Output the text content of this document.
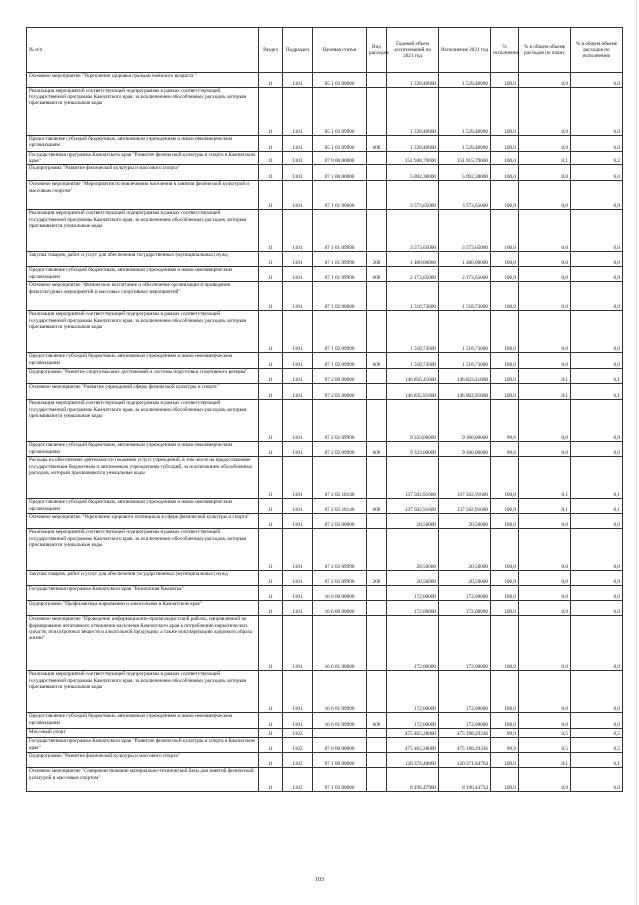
№ п/п	Раздел	Подраздел	Целевая статья	Вид расходов	Годовой объем ассигнований на 2021 год	Исполнение 2021 год	% исполнения	% в общем объеме расходов по плану	% в общем объеме расходов по исполнению
Основное мероприятие "Укрепление здоровья граждан пожилого возраста "	11	1101	05 1 03 00000		1 539,40000	1 539,40000	100,0	0,0	0,0
Реализация мероприятий соответствующей подпрограммы в рамках соответствующей государственной программы Камчатского края, за исключением обособленных расходов, которым присваиваются уникальные коды	11	1101	05 1 03 09990		1 539,40000	1 539,40000	100,0	0,0	0,0
Предоставление субсидий бюджетным, автономным учреждениям и иным некоммерческим организациям	11	1101	05 1 03 09990	600	1 539,40000	1 539,40000	100,0	0,0	0,0
Государственная программа Камчатского края "Развитие физической культуры и спорта в Камчатском крае"	11	1101	07 0 00 00000		151 948,79600	151 915,79600	100,0	0,1	0,2
Подпрограмма "Развитие физической культуры и массового спорта"	11	1101	07 1 00 00000		5 092,38000	5 092,38000	100,0	0,0	0,0
Основное мероприятие "Мероприятия по вовлечению населения в занятия физической культурой и массовым спортом"	11	1101	07 1 01 00000		3 573,65000	3 573,65000	100,0	0,0	0,0
Реализация мероприятий соответствующей подпрограммы в рамках соответствующей государственной программы Камчатского края, за исключением обособленных расходов, которым присваиваются уникальные коды	11	1101	07 1 01 09990		3 573,65000	3 573,65000	100,0	0,0	0,0
Закупка товаров, работ и услуг для обеспечения государственных (муниципальных) нужд	11	1101	07 1 01 09990	200	1 400,00000	1 400,00000	100,0	0,0	0,0
Предоставление субсидий бюджетным, автономным учреждениям и иным некоммерческим организациям	11	1101	07 1 01 09990	600	2 173,65000	2 173,65000	100,0	0,0	0,0
Основное мероприятие "Физическое воспитание и обеспечение организации и проведения физкультурных мероприятий и массовых спортивных мероприятий"	11	1101	07 1 02 00000		1 518,73000	1 518,73000	100,0	0,0	0,0
Реализация мероприятий соответствующей подпрограммы в рамках соответствующей государственной программы Камчатского края, за исключением обособленных расходов, которым присваиваются уникальные коды	11	1101	07 1 02 09990		1 518,73000	1 518,73000	100,0	0,0	0,0
Предоставление субсидий бюджетным, автономным учреждениям и иным некоммерческим организациям	11	1101	07 1 02 09990	600	1 518,73000	1 518,73000	100,0	0,0	0,0
Подпрограмма "Развитие спорта высших достижений и системы подготовки спортивного резерва"	11	1101	07 2 00 00000		146 856,41600	146 823,41600	100,0	0,1	0,1
Основное мероприятие "Развитие учреждений сферы физической культуры и спорта"	11	1101	07 2 02 00000		146 835,91600	146 802,91600	100,0	0,1	0,1
Реализация мероприятий соответствующей подпрограммы в рамках соответствующей государственной программы Камчатского края, за исключением обособленных расходов, которым присваиваются уникальные коды	11	1101	07 2 02 09990		9 333,00000	9 300,00000	99,6	0,0	0,0
Предоставление субсидий бюджетным, автономным учреждениям и иным некоммерческим организациям	11	1101	07 2 02 09990	600	9 333,00000	9 300,00000	99,6	0,0	0,0
Расходы на обеспечение деятельности (оказание услуг) учреждений, в том числе на предоставление государственным бюджетным и автономным учреждениям субсидий, за исключением обособленных расходов, которым присваиваются уникальные коды	11	1101	07 2 02 10140		137 502,91600	137 502,91600	100,0	0,1	0,1
Предоставление субсидий бюджетным, автономным учреждениям и иным некоммерческим организациям	11	1101	07 2 02 10140	600	137 502,91600	137 502,91600	100,0	0,1	0,1
Основное мероприятие "Укрепление здорового потенциала в сфере физической культуры и спорта"	11	1101	07 2 03 00000		20,50000	20,50000	100,0	0,0	0,0
Реализация мероприятий соответствующей подпрограммы в рамках соответствующей государственной программы Камчатского края, за исключением обособленных расходов, которым присваиваются уникальные коды	11	1101	07 2 03 09990		20,50000	20,50000	100,0	0,0	0,0
Закупка товаров, работ и услуг для обеспечения государственных (муниципальных) нужд	11	1101	07 2 03 09990	200	20,50000	20,50000	100,0	0,0	0,0
Государственная программа Камчатского края "Безопасная Камчатка"	11	1101	16 0 00 00000		172,00000	172,00000	100,0	0,0	0,0
Подпрограмма "Профилактика наркомании и алкоголизма в Камчатском крае"	11	1101	16 6 00 00000		172,00000	172,00000	100,0	0,0	0,0
Основное мероприятие "Проведение информационно-пропагандистской работы, направленной на формирование негативного отношения населения Камчатского края к потреблению наркотических средств, психотропных веществ и алкогольной продукции, а также популяризацию здорового образа жизни"	11	1101	16 6 01 00000		172,00000	172,00000	100,0	0,0	0,0
Реализация мероприятий соответствующей подпрограммы в рамках соответствующей государственной программы Камчатского края, за исключением обособленных расходов, которым присваиваются уникальные коды	11	1101	16 6 01 09990		172,00000	172,00000	100,0	0,0	0,0
Предоставление субсидий бюджетным, автономным учреждениям и иным некоммерческим организациям	11	1101	16 6 01 09990	600	172,00000	172,00000	100,0	0,0	0,0
Массовый спорт	11	1102			475 465,28000	475 198,29336	99,9	0,5	0,5
Государственная программа Камчатского края "Развитие физической культуры и спорта в Камчатском крае"	11	1102	07 0 00 00000		475 465,28000	475 198,29336	99,9	0,5	0,5
Подпрограмма "Развитие физической культуры и массового спорта"	11	1102	07 1 00 00000		120 374,40860	120 371,84764	100,0	0,1	0,1
Основное мероприятие "Совершенствование материально-технической базы для занятий физической культурой и массовым спортом"	11	1102	07 1 03 00000		8 196,47900	8 196,44734	100,0	0,0	0,0
103
